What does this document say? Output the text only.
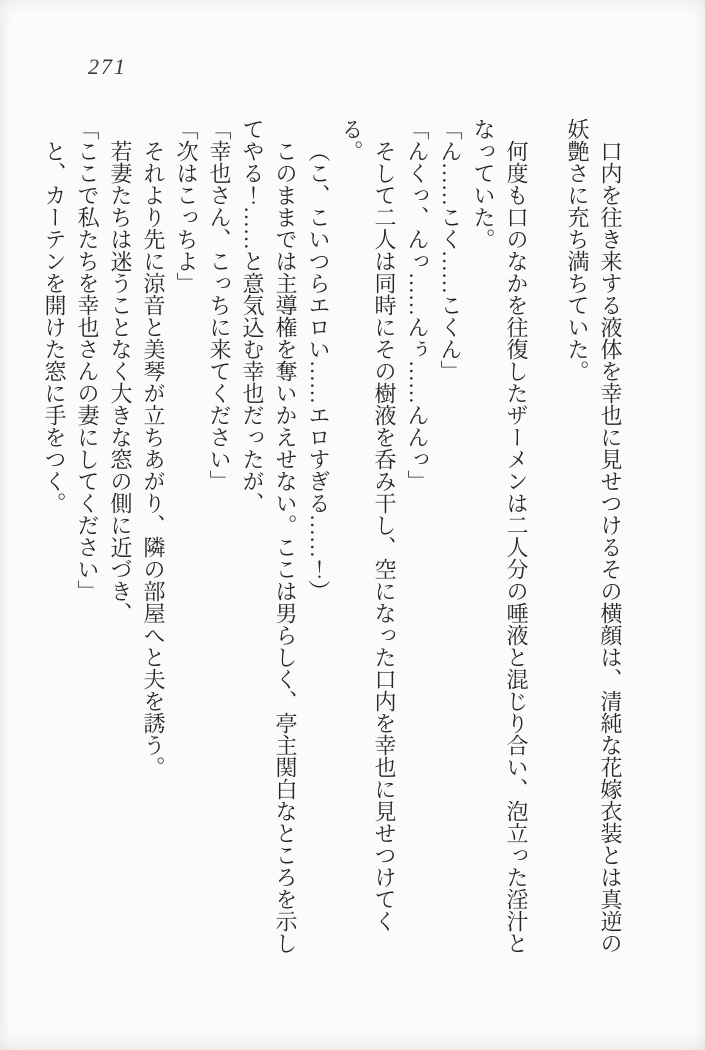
271

口内を往き来する液体を幸也に見せつけるその横顔は、清純な花嫁衣装とは真逆の妖艶さに充ち満ちていた。

何度も口のなかを往復したザーメンは二人分の唾液と混じり合い、泡立った淫汁となっていた。

「ん……こく……こくん」

「んくっ、んっ……んぅ……んんっ」

そして二人は同時にその樹液を呑み干し、空になった口内を幸也に見せつけてくる。

（こ、こいつらエロい……エロすぎる……！）

このままでは主導権を奪いかえせない。ここは男らしく、亭主関白なところを示してやる！……と意気込む幸也だったが、

「幸也さん、こっちに来てください」

「次はこっちよ」

それより先に涼音と美琴が立ちあがり、隣の部屋へと夫を誘う。

若妻たちは迷うことなく大きな窓の側に近づき、

「ここで私たちを幸也さんの妻にしてください」

と、カーテンを開けた窓に手をつく。
